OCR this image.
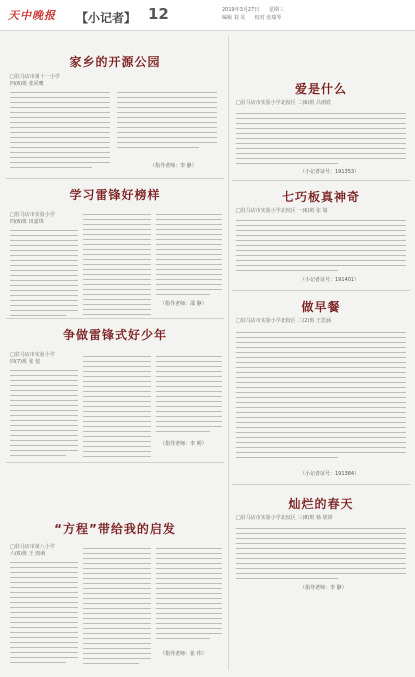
天中晚报 【小记者】 12	2019年3月27日 星期三
编辑 刘 昊 校对 张瑞琴
家乡的开源公园
□驻马店市第十一小学
四(6)班 张同鹰
（指导老师：李 静）
学习雷锋好榜样
□驻马店市实验小学
四(6)班 田嘉琪
（指导老师：邵 静）
争做雷锋式好少年
□驻马店市实验小学
四(7)班 张 悦
（指导老师：李 明）
“方程”带给我的启发
□驻马店市第八小学
六(6)班 王 雨萌
（指导老师：张 伟）
爱是什么
□驻马店市实验小学北校区 二(6)班 吕雨欣
（小记者证号：191353）
七巧板真神奇
□驻马店市实验小学北校区 一(6)班 张 婧
（小记者证号：191401）
做早餐
□驻马店市实验小学北校区 二(2)班 王思涵
（小记者证号：191384）
灿烂的春天
□驻马店市实验小学北校区 三(8)班 杨 欣妍
（指导老师：李 静）
